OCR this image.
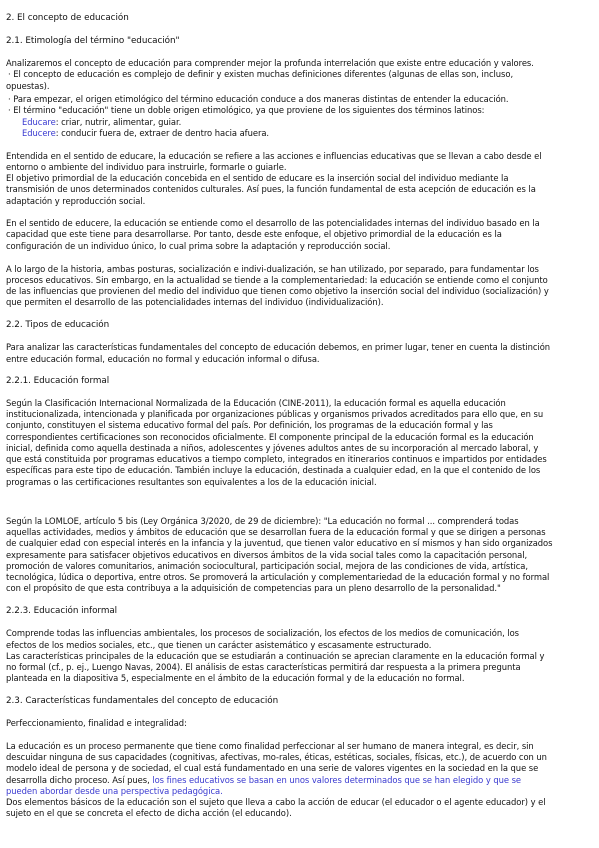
2. El concepto de educación

2.1. Etimología del término "educación"

Analizaremos el concepto de educación para comprender mejor la profunda interrelación que existe entre educación y valores.

· El concepto de educación es complejo de definir y existen muchas definiciones diferentes (algunas de ellas son, incluso,

opuestas).

· Para empezar, el origen etimológico del término educación conduce a dos maneras distintas de entender la educación.

· El término "educación" tiene un doble origen etimológico, ya que proviene de los siguientes dos términos latinos:

Educare: criar, nutrir, alimentar, guiar.

Educere: conducir fuera de, extraer de dentro hacia afuera.

Entendida en el sentido de educare, la educación se refiere a las acciones e influencias educativas que se llevan a cabo desde el

entorno o ambiente del individuo para instruirle, formarle o guiarle.

El objetivo primordial de la educación concebida en el sentido de educare es la inserción social del individuo mediante la

transmisión de unos determinados contenidos culturales. Así pues, la función fundamental de esta acepción de educación es la

adaptación y reproducción social.

En el sentido de educere, la educación se entiende como el desarrollo de las potencialidades internas del individuo basado en la

capacidad que este tiene para desarrollarse. Por tanto, desde este enfoque, el objetivo primordial de la educación es la

configuración de un individuo único, lo cual prima sobre la adaptación y reproducción social.

A lo largo de la historia, ambas posturas, socialización e indivi-dualización, se han utilizado, por separado, para fundamentar los

procesos educativos. Sin embargo, en la actualidad se tiende a la complementariedad: la educación se entiende como el conjunto

de las influencias que provienen del medio del individuo que tienen como objetivo la inserción social del individuo (socialización) y

que permiten el desarrollo de las potencialidades internas del individuo (individualización).

2.2. Tipos de educación

Para analizar las características fundamentales del concepto de educación debemos, en primer lugar, tener en cuenta la distinción

entre educación formal, educación no formal y educación informal o difusa.

2.2.1. Educación formal

Según la Clasificación Internacional Normalizada de la Educación (CINE-2011), la educación formal es aquella educación

institucionalizada, intencionada y planificada por organizaciones públicas y organismos privados acreditados para ello que, en su

conjunto, constituyen el sistema educativo formal del país. Por definición, los programas de la educación formal y las

correspondientes certificaciones son reconocidos oficialmente. El componente principal de la educación formal es la educación

inicial, definida como aquella destinada a niños, adolescentes y jóvenes adultos antes de su incorporación al mercado laboral, y

que está constituida por programas educativos a tiempo completo, integrados en itinerarios continuos e impartidos por entidades

específicas para este tipo de educación. También incluye la educación, destinada a cualquier edad, en la que el contenido de los

programas o las certificaciones resultantes son equivalentes a los de la educación inicial.

Según la LOMLOE, artículo 5 bis (Ley Orgánica 3/2020, de 29 de diciembre): "La educación no formal ... comprenderá todas

aquellas actividades, medios y ámbitos de educación que se desarrollan fuera de la educación formal y que se dirigen a personas

de cualquier edad con especial interés en la infancia y la juventud, que tienen valor educativo en sí mismos y han sido organizados

expresamente para satisfacer objetivos educativos en diversos ámbitos de la vida social tales como la capacitación personal,

promoción de valores comunitarios, animación sociocultural, participación social, mejora de las condiciones de vida, artística,

tecnológica, lúdica o deportiva, entre otros. Se promoverá la articulación y complementariedad de la educación formal y no formal

con el propósito de que esta contribuya a la adquisición de competencias para un pleno desarrollo de la personalidad."

2.2.3. Educación informal

Comprende todas las influencias ambientales, los procesos de socialización, los efectos de los medios de comunicación, los

efectos de los medios sociales, etc., que tienen un carácter asistemático y escasamente estructurado.

Las características principales de la educación que se estudiarán a continuación se aprecian claramente en la educación formal y

no formal (cf., p. ej., Luengo Navas, 2004). El análisis de estas características permitirá dar respuesta a la primera pregunta

planteada en la diapositiva 5, especialmente en el ámbito de la educación formal y de la educación no formal.

2.3. Características fundamentales del concepto de educación

Perfeccionamiento, finalidad e integralidad:

La educación es un proceso permanente que tiene como finalidad perfeccionar al ser humano de manera integral, es decir, sin

descuidar ninguna de sus capacidades (cognitivas, afectivas, mo-rales, éticas, estéticas, sociales, físicas, etc.), de acuerdo con un

modelo ideal de persona y de sociedad, el cual está fundamentado en una serie de valores vigentes en la sociedad en la que se

desarrolla dicho proceso. Así pues, los fines educativos se basan en unos valores determinados que se han elegido y que se

pueden abordar desde una perspectiva pedagógica.

Dos elementos básicos de la educación son el sujeto que lleva a cabo la acción de educar (el educador o el agente educador) y el

sujeto en el que se concreta el efecto de dicha acción (el educando).
